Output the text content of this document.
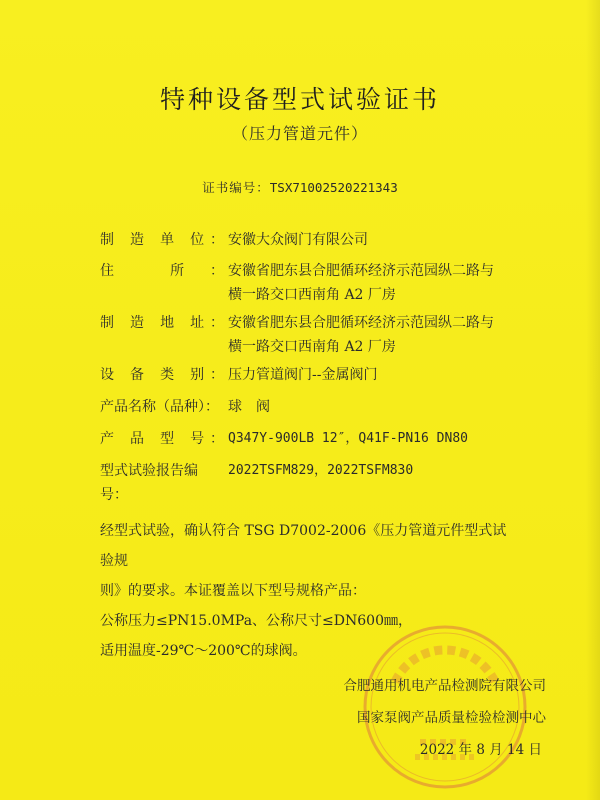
特种设备型式试验证书
（压力管道元件）
证书编号：TSX71002520221343
制 造 单 位： 安徽大众阀门有限公司
住 所： 安徽省肥东县合肥循环经济示范园纵二路与
横一路交口西南角 A2 厂房
制 造 地 址： 安徽省肥东县合肥循环经济示范园纵二路与
横一路交口西南角 A2 厂房
设 备 类 别： 压力管道阀门--金属阀门
产品名称（品种）： 球　阀
产 品 型 号： Q347Y-900LB 12″，Q41F-PN16 DN80
型式试验报告编号：
2022TSFM829，2022TSFM830

经型式试验，确认符合 TSG D7002-2006《压力管道元件型式试验规

则》的要求。本证覆盖以下型号规格产品：

公称压力≤PN15.0MPa、公称尺寸≤DN600㎜，

适用温度-29℃～200℃的球阀。

合肥通用机电产品检测院有限公司
国家泵阀产品质量检验检测中心
2022 年 8 月 14 日
